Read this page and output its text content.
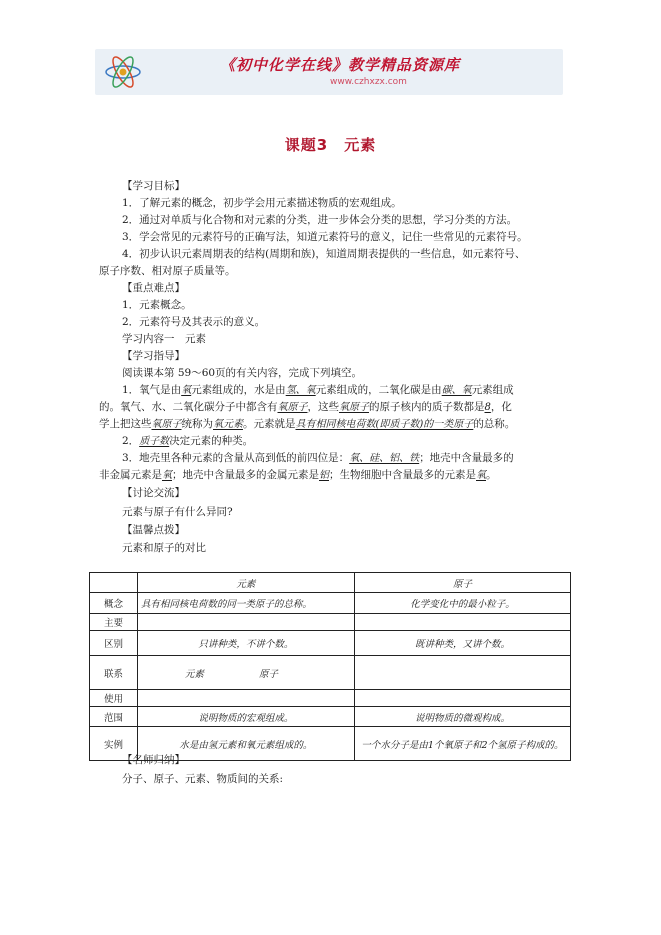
《初中化学在线》教学精品资源库
www.czhxzx.com
课题3　元素
【学习目标】
1．了解元素的概念，初步学会用元素描述物质的宏观组成。
2．通过对单质与化合物和对元素的分类，进一步体会分类的思想，学习分类的方法。
3．学会常见的元素符号的正确写法，知道元素符号的意义，记住一些常见的元素符号。
4．初步认识元素周期表的结构(周期和族)，知道周期表提供的一些信息，如元素符号、
原子序数、相对原子质量等。
【重点难点】
1．元素概念。
2．元素符号及其表示的意义。
学习内容一　元素
【学习指导】
阅读课本第 59～60页的有关内容，完成下列填空。
1．氧气是由氧元素组成的，水是由氢、氧元素组成的，二氧化碳是由碳、氧元素组成
的。氧气、水、二氧化碳分子中都含有氧原子，这些氧原子的原子核内的质子数都是8，化
学上把这些氧原子统称为氧元素。元素就是具有相同核电荷数(即质子数)的一类原子的总称。
2．质子数决定元素的种类。
3．地壳里各种元素的含量从高到低的前四位是：氧、硅、铝、铁；地壳中含量最多的
非金属元素是氧；地壳中含量最多的金属元素是铝；生物细胞中含量最多的元素是氧。
【讨论交流】
元素与原子有什么异同?
【温馨点拨】
元素和原子的对比
	元素	原子
概念	具有相同核电荷数的同一类原子的总称。	化学变化中的最小粒子。
主要		
区别	只讲种类，不讲个数。	既讲种类，又讲个数。
联系	元素 原子	
使用		
范围	说明物质的宏观组成。	说明物质的微观构成。
实例	水是由氢元素和氧元素组成的。	一个水分子是由1个氧原子和2个氢原子构成的。
【名师归纳】
分子、原子、元素、物质间的关系:
